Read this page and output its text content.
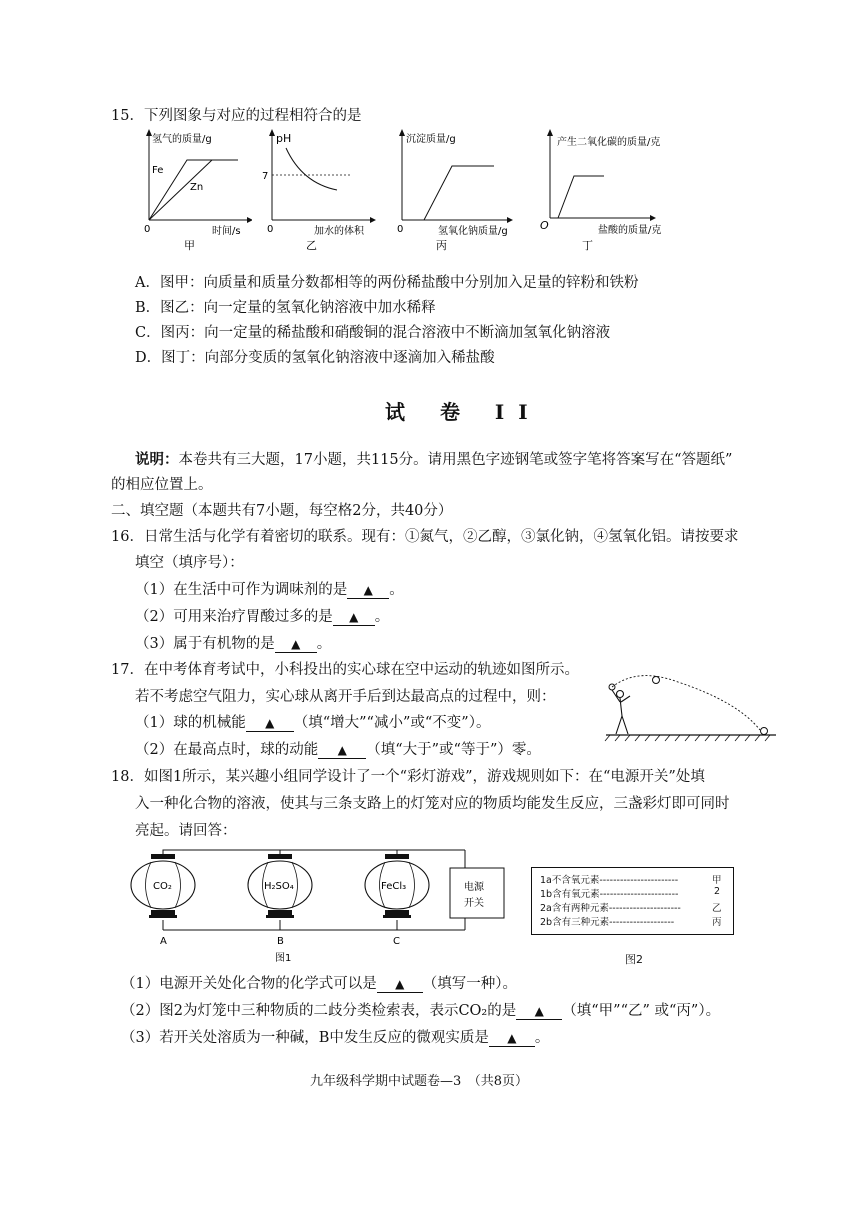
15．下列图象与对应的过程相符合的是
氢气的质量/g
Fe
Zn
0	时间/s
甲
pH
7
0	加水的体积
乙
沉淀质量/g
0	氢氧化钠质量/g
丙
产生二氧化碳的质量/克
O	盐酸的质量/克
丁
A．图甲：向质量和质量分数都相等的两份稀盐酸中分别加入足量的锌粉和铁粉
B．图乙：向一定量的氢氧化钠溶液中加水稀释
C．图丙：向一定量的稀盐酸和硝酸铜的混合溶液中不断滴加氢氧化钠溶液
D．图丁：向部分变质的氢氧化钠溶液中逐滴加入稀盐酸
试 卷 II
说明：本卷共有三大题，17小题，共115分。请用黑色字迹钢笔或签字笔将答案写在“答题纸”
的相应位置上。
二、填空题（本题共有7小题，每空格2分，共40分）
16．日常生活与化学有着密切的联系。现有：①氮气，②乙醇，③氯化钠，④氢氧化铝。请按要求
填空（填序号）：
（1）在生活中可作为调味剂的是 ▲ 。
（2）可用来治疗胃酸过多的是 ▲ 。
（3）属于有机物的是 ▲ 。
17．在中考体育考试中，小科投出的实心球在空中运动的轨迹如图所示。
若不考虑空气阻力，实心球从离开手后到达最高点的过程中，则：
（1）球的机械能 ▲ （填“增大”“减小”或“不变”）。
（2）在最高点时，球的动能 ▲ （填“大于”或“等于”）零。
18．如图1所示，某兴趣小组同学设计了一个“彩灯游戏”，游戏规则如下：在“电源开关”处填
入一种化合物的溶液，使其与三条支路上的灯笼对应的物质均能发生反应，三盏彩灯即可同时
亮起。请回答：
电源
开关
CO₂	H₂SO₄	FeCl₃
A	B	C
图1
1a不含氧元素-----------------------	甲
1b含有氧元素-----------------------	2
2a含有两种元素---------------------	乙
2b含有三种元素-------------------	丙
图2
（1）电源开关处化合物的化学式可以是 ▲ （填写一种）。
（2）图2为灯笼中三种物质的二歧分类检索表，表示CO₂的是 ▲ （填“甲”“乙” 或“丙”）。
（3）若开关处溶质为一种碱，B中发生反应的微观实质是 ▲ 。
九年级科学期中试题卷—3　（共8页）
